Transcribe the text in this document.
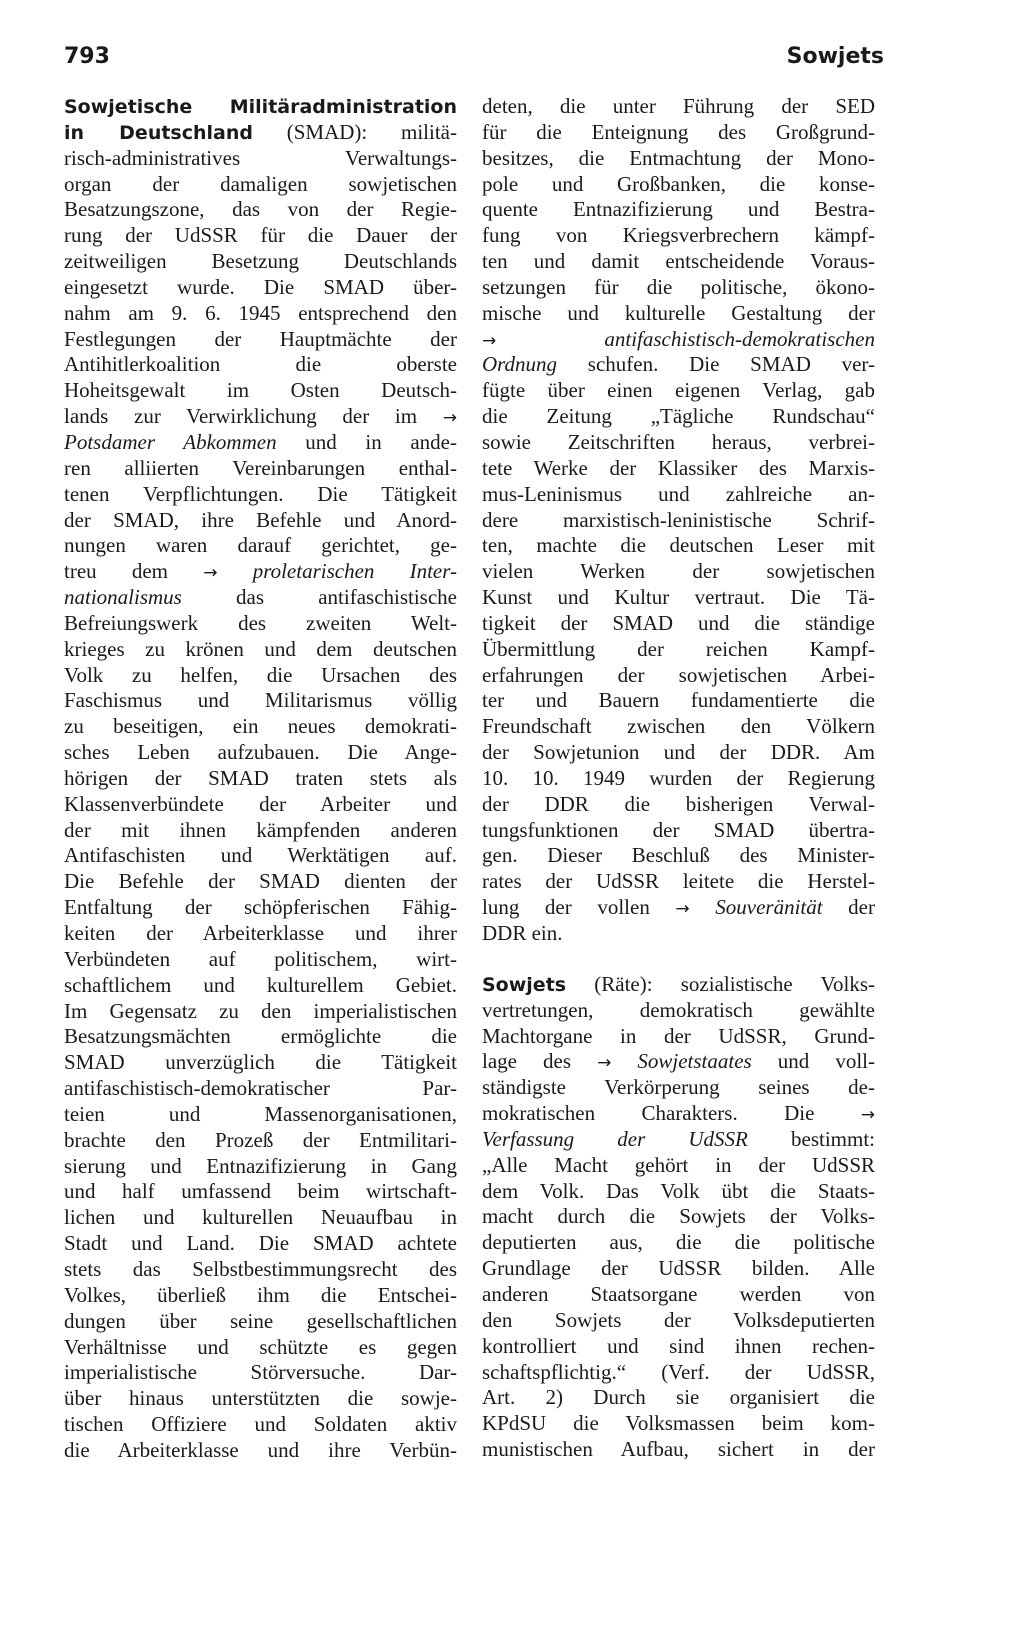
793	Sowjets
Sowjetische Militäradministration
in Deutschland (SMAD): militä-
risch-administratives Verwaltungs-
organ der damaligen sowjetischen
Besatzungszone, das von der Regie-
rung der UdSSR für die Dauer der
zeitweiligen Besetzung Deutschlands
eingesetzt wurde. Die SMAD über-
nahm am 9. 6. 1945 entsprechend den
Festlegungen der Hauptmächte der
Antihitlerkoalition die oberste
Hoheitsgewalt im Osten Deutsch-
lands zur Verwirklichung der im →
Potsdamer Abkommen und in ande-
ren alliierten Vereinbarungen enthal-
tenen Verpflichtungen. Die Tätigkeit
der SMAD, ihre Befehle und Anord-
nungen waren darauf gerichtet, ge-
treu dem → proletarischen Inter-
nationalismus das antifaschistische
Befreiungswerk des zweiten Welt-
krieges zu krönen und dem deutschen
Volk zu helfen, die Ursachen des
Faschismus und Militarismus völlig
zu beseitigen, ein neues demokrati-
sches Leben aufzubauen. Die Ange-
hörigen der SMAD traten stets als
Klassenverbündete der Arbeiter und
der mit ihnen kämpfenden anderen
Antifaschisten und Werktätigen auf.
Die Befehle der SMAD dienten der
Entfaltung der schöpferischen Fähig-
keiten der Arbeiterklasse und ihrer
Verbündeten auf politischem, wirt-
schaftlichem und kulturellem Gebiet.
Im Gegensatz zu den imperialistischen
Besatzungsmächten ermöglichte die
SMAD unverzüglich die Tätigkeit
antifaschistisch-demokratischer Par-
teien und Massenorganisationen,
brachte den Prozeß der Entmilitari-
sierung und Entnazifizierung in Gang
und half umfassend beim wirtschaft-
lichen und kulturellen Neuaufbau in
Stadt und Land. Die SMAD achtete
stets das Selbstbestimmungsrecht des
Volkes, überließ ihm die Entschei-
dungen über seine gesellschaftlichen
Verhältnisse und schützte es gegen
imperialistische Störversuche. Dar-
über hinaus unterstützten die sowje-
tischen Offiziere und Soldaten aktiv
die Arbeiterklasse und ihre Verbün-
deten, die unter Führung der SED
für die Enteignung des Großgrund-
besitzes, die Entmachtung der Mono-
pole und Großbanken, die konse-
quente Entnazifizierung und Bestra-
fung von Kriegsverbrechern kämpf-
ten und damit entscheidende Voraus-
setzungen für die politische, ökono-
mische und kulturelle Gestaltung der
→	antifaschistisch-demokratischen
Ordnung schufen. Die SMAD ver-
fügte über einen eigenen Verlag, gab
die Zeitung „Tägliche Rundschau“
sowie Zeitschriften heraus, verbrei-
tete Werke der Klassiker des Marxis-
mus-Leninismus und zahlreiche an-
dere marxistisch-leninistische Schrif-
ten, machte die deutschen Leser mit
vielen Werken der sowjetischen
Kunst und Kultur vertraut. Die Tä-
tigkeit der SMAD und die ständige
Übermittlung der reichen Kampf-
erfahrungen der sowjetischen Arbei-
ter und Bauern fundamentierte die
Freundschaft zwischen den Völkern
der Sowjetunion und der DDR. Am
10. 10. 1949 wurden der Regierung
der DDR die bisherigen Verwal-
tungsfunktionen der SMAD übertra-
gen. Dieser Beschluß des Minister-
rates der UdSSR leitete die Herstel-
lung der vollen → Souveränität der
DDR ein.
Sowjets (Räte): sozialistische Volks-
vertretungen, demokratisch gewählte
Machtorgane in der UdSSR, Grund-
lage des → Sowjetstaates und voll-
ständigste Verkörperung seines de-
mokratischen Charakters. Die →
Verfassung der UdSSR bestimmt:
„Alle Macht gehört in der UdSSR
dem Volk. Das Volk übt die Staats-
macht durch die Sowjets der Volks-
deputierten aus, die die politische
Grundlage der UdSSR bilden. Alle
anderen Staatsorgane werden von
den Sowjets der Volksdeputierten
kontrolliert und sind ihnen rechen-
schaftspflichtig.“ (Verf. der UdSSR,
Art. 2) Durch sie organisiert die
KPdSU die Volksmassen beim kom-
munistischen Aufbau, sichert in der
